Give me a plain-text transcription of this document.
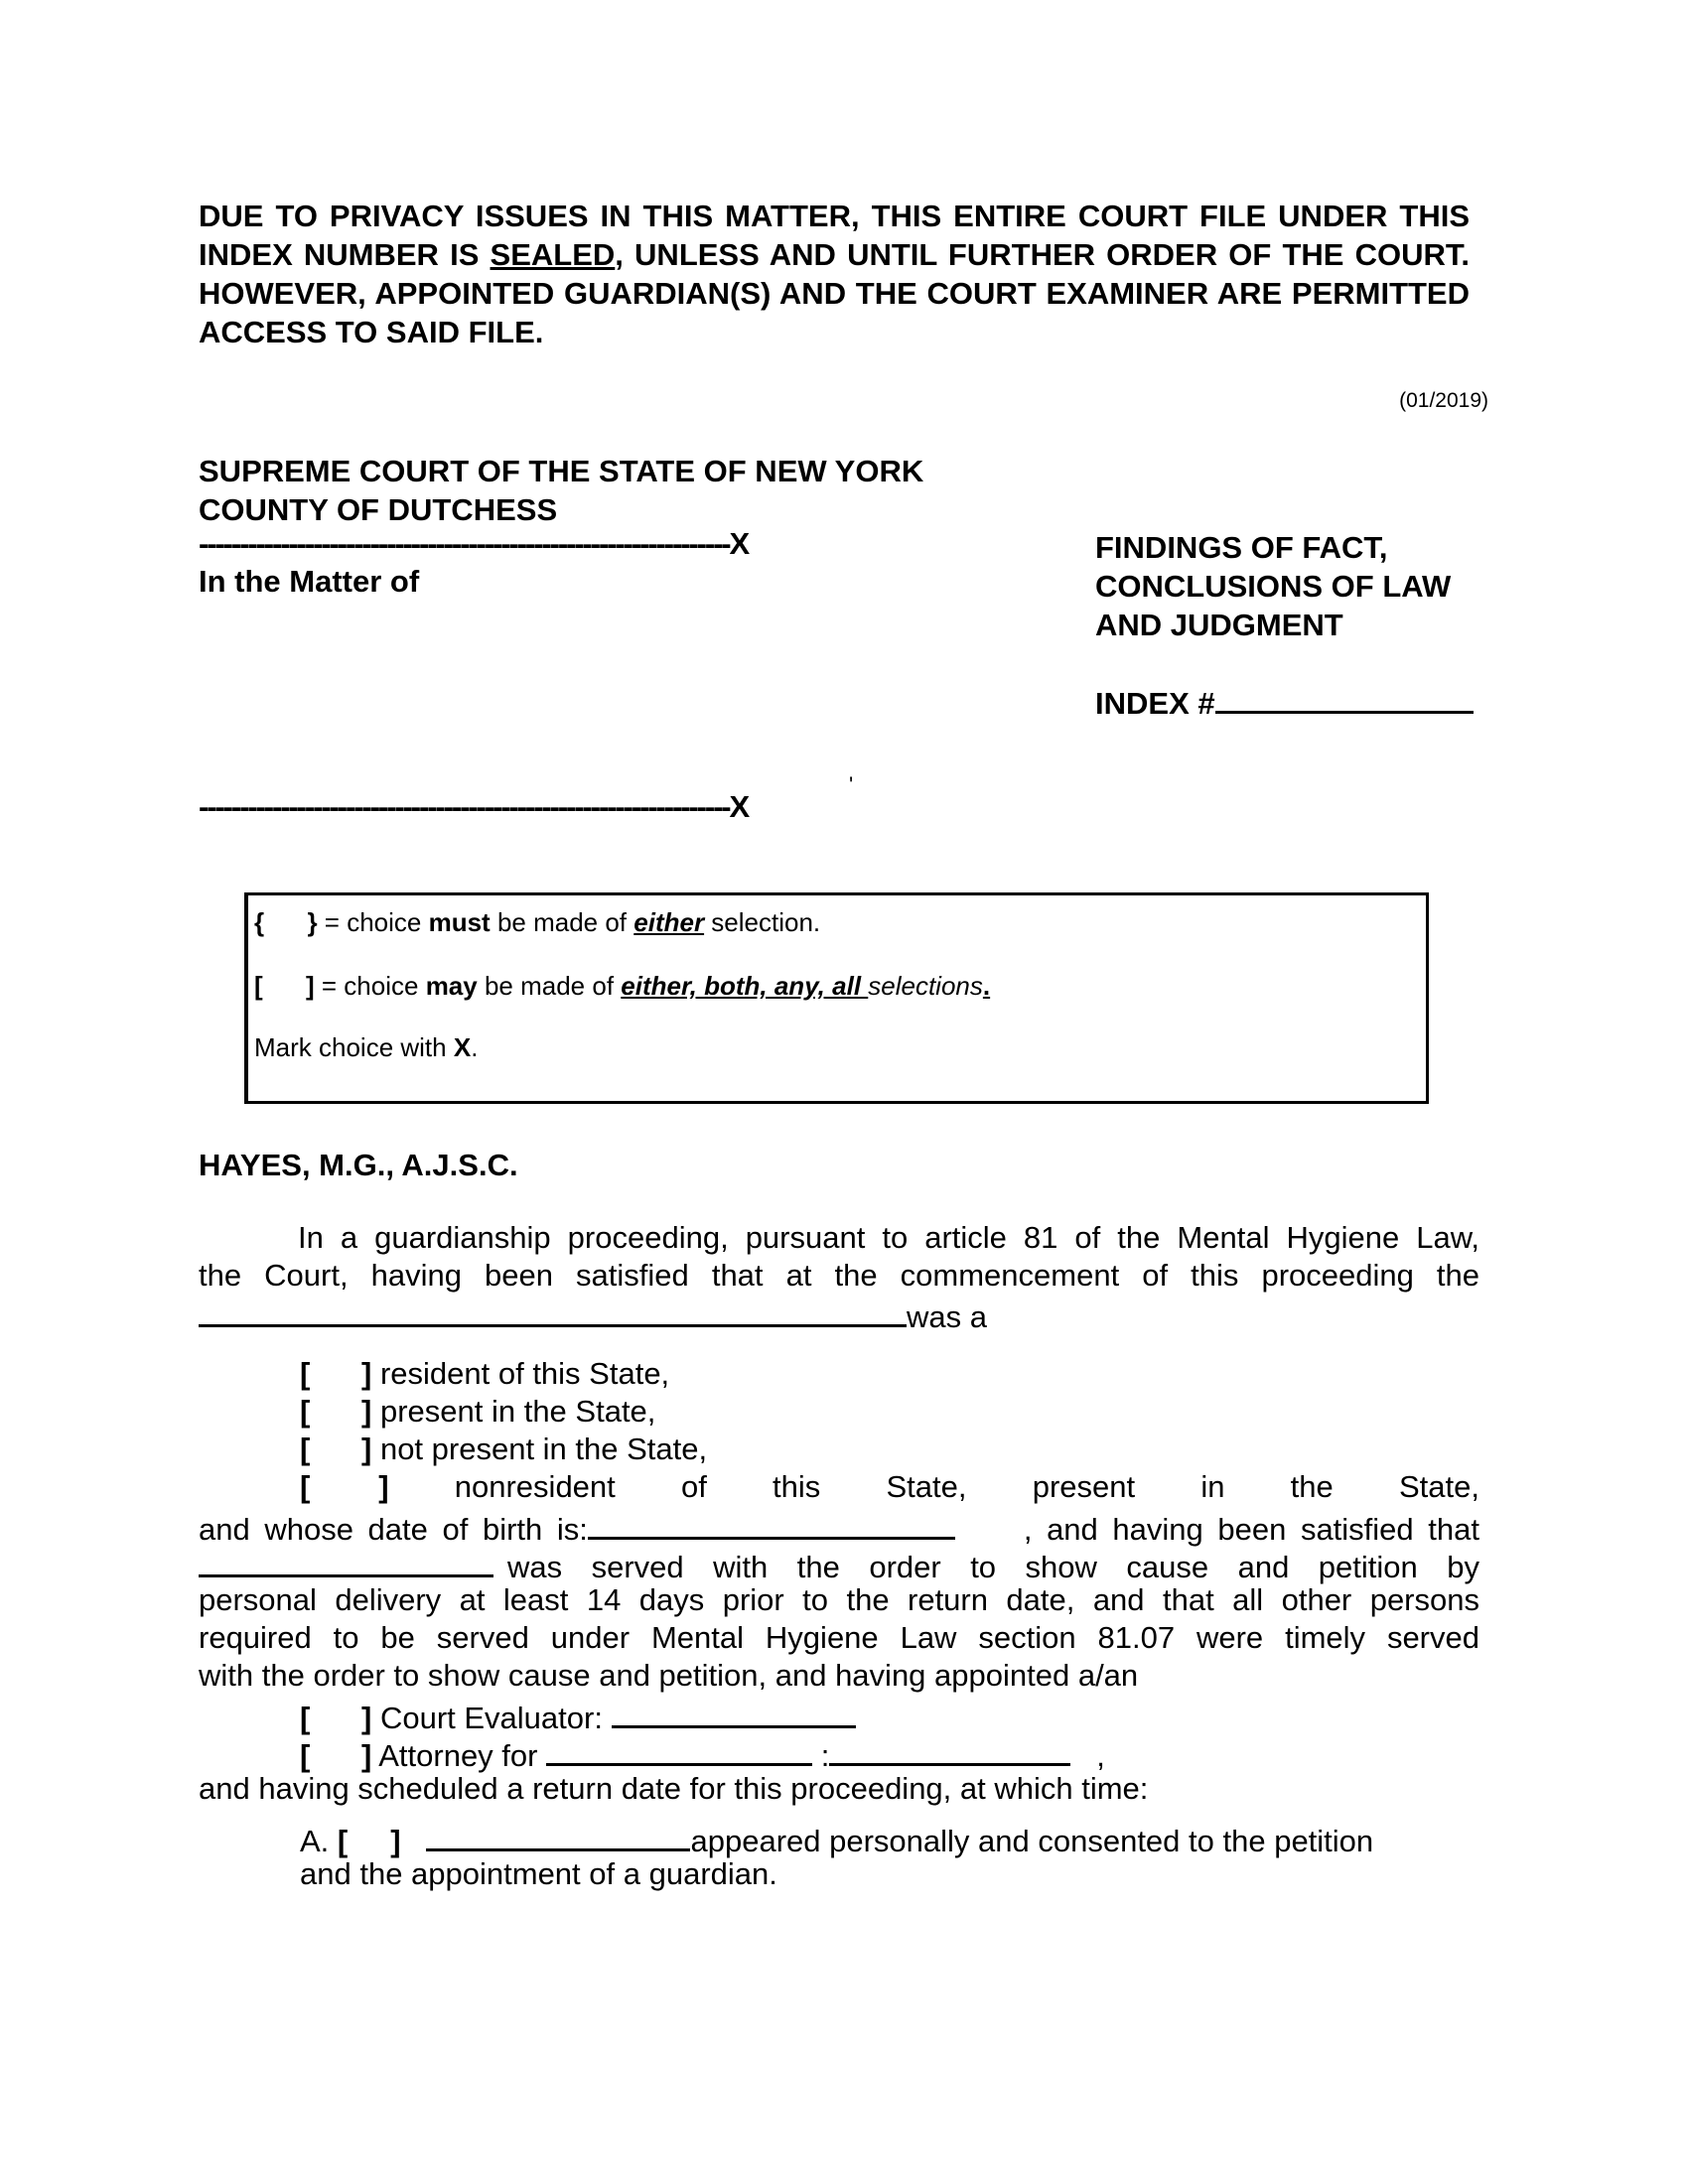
DUE TO PRIVACY ISSUES IN THIS MATTER, THIS ENTIRE COURT FILE UNDER THIS INDEX NUMBER IS SEALED, UNLESS AND UNTIL FURTHER ORDER OF THE COURT. HOWEVER, APPOINTED GUARDIAN(S) AND THE COURT EXAMINER ARE PERMITTED ACCESS TO SAID FILE.
(01/2019)
SUPREME COURT OF THE STATE OF NEW YORK
COUNTY OF DUTCHESS
-----------------------------------------------------------------X
In the Matter of
FINDINGS OF FACT,
CONCLUSIONS OF LAW
AND JUDGMENT
INDEX #
'
-----------------------------------------------------------------X
{      } = choice must be made of either selection.
[      ] = choice may be made of either, both, any, all selections.
Mark choice with X.
HAYES, M.G., A.J.S.C.
In a guardianship proceeding, pursuant to article 81 of the Mental Hygiene Law,
the Court, having been satisfied that at the commencement of this proceeding the
was a
[      ] resident of this State,
[      ] present in the State,
[      ] not present in the State,
[        ] nonresident of this State, present in the State,
and whose date of birth is:	, and having been satisfied that
was served with the order to show cause and petition by
personal delivery at least 14 days prior to the return date, and that all other persons
required to be served under Mental Hygiene Law section 81.07 were timely served
with the order to show cause and petition, and having appointed a/an
[      ] Court Evaluator:
[      ] Attorney for	:	,
and having scheduled a return date for this proceeding, at which time:
A. [     ]	appeared personally and consented to the petition
and the appointment of a guardian.
